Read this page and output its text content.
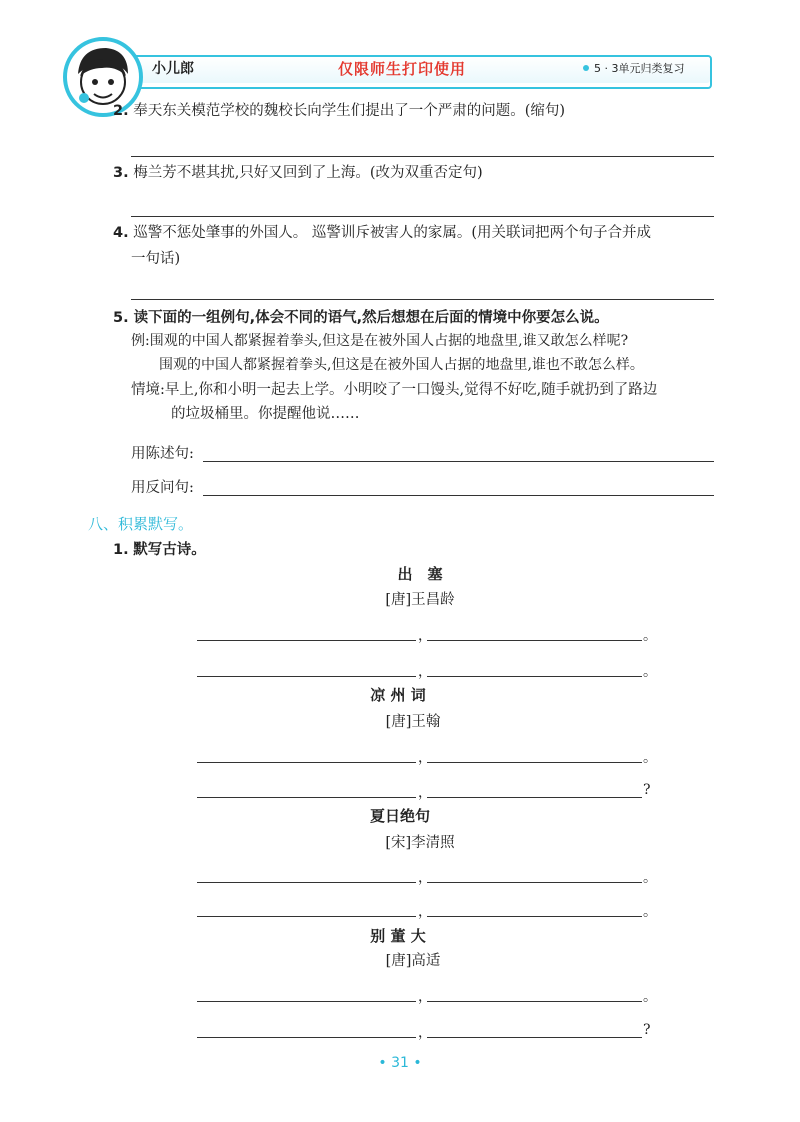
小儿郎	仅限师生打印使用	5 · 3单元归类复习
2. 奉天东关模范学校的魏校长向学生们提出了一个严肃的问题。(缩句)
3. 梅兰芳不堪其扰,只好又回到了上海。(改为双重否定句)
4. 巡警不惩处肇事的外国人。 巡警训斥被害人的家属。(用关联词把两个句子合并成
一句话)
5. 读下面的一组例句,体会不同的语气,然后想想在后面的情境中你要怎么说。
例:围观的中国人都紧握着拳头,但这是在被外国人占据的地盘里,谁又敢怎么样呢?
围观的中国人都紧握着拳头,但这是在被外国人占据的地盘里,谁也不敢怎么样。
情境:早上,你和小明一起去上学。小明咬了一口馒头,觉得不好吃,随手就扔到了路边
的垃圾桶里。你提醒他说……
用陈述句:
用反问句:
八、积累默写。
1. 默写古诗。
出　塞
[唐]王昌龄
，	。
，	。
凉 州 词
[唐]王翰
，	。
，	?
夏日绝句
[宋]李清照
，	。
，	。
别 董 大
[唐]高适
，	。
，	?
• 31 •
